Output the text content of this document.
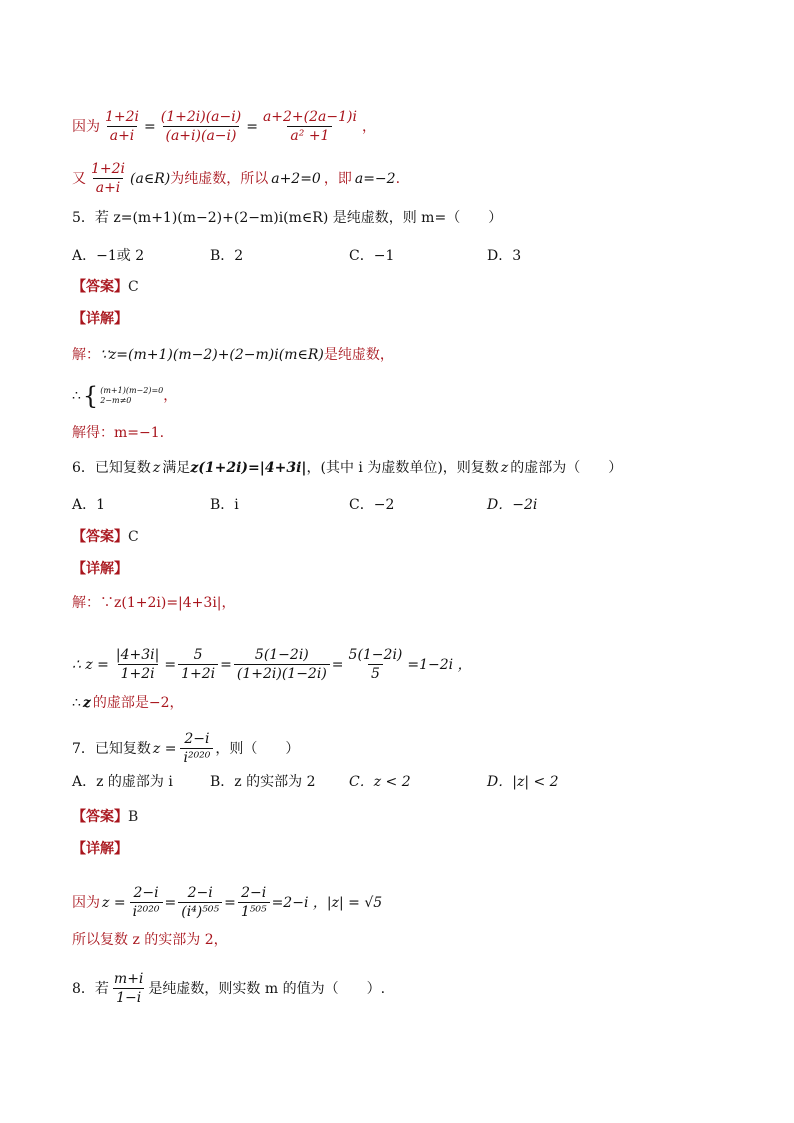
因为 $\frac{1+2i}{a+i} = \frac{(1+2i)(a-i)}{(a+i)(a-i)} = \frac{a+2+(2a-1)i}{\text{a² +1}}$ ，
又 $\frac{1+2i}{a+i}$ (a∈R) 为纯虚数，所以 a+2=0 ，即 a=−2 .
5．若 z=(m+1)(m−2)+(2−m)i(m∈R) 是纯虚数，则 m=（　　）
A．−1或 2	B．2	C．−1	D．3
【答案】 C
【详解】
解： ∵z=(m+1)(m−2)+(2−m)i(m∈R) 是纯虚数，
∴ { (m+1)(m−2)=0
2−m≠0	，
解得：m=−1.
6．已知复数 z 满足 z(1+2i)=|4+3i| ，(其中 i 为虚数单位)，则复数 z 的虚部为（　　）
A．1	B．i	C．−2	D．−2i
【答案】 C
【详解】
解：∵z(1+2i)=|4+3i|，
∴ $z = \frac{|4+3i|}{1+2i} = \frac{5}{1+2i} = \frac{5(1-2i)}{(1+2i)(1-2i)} = \frac{5(1-2i)}{5} =1-2i$ ，
∴ z 的虚部是−2，
7．已知复数 $z = \frac{2-i}{\text{i²⁰²⁰}}$ ，则（　　）
A．z 的虚部为 i	B．z 的实部为 2 C．z < 2	D．|z| < 2
【答案】 B
【详解】
因为 $z = \frac{2-i}{\text{i²⁰²⁰}} = \frac{2-i}{\text{(i⁴)⁵⁰⁵}} = \frac{2-i}{\text{1⁵⁰⁵}} =2-i$ ，|z| = √5
所以复数 z 的实部为 2，
8．若 $\frac{m+i}{1-i}$ 是纯虚数，则实数 m 的值为（　　）.
